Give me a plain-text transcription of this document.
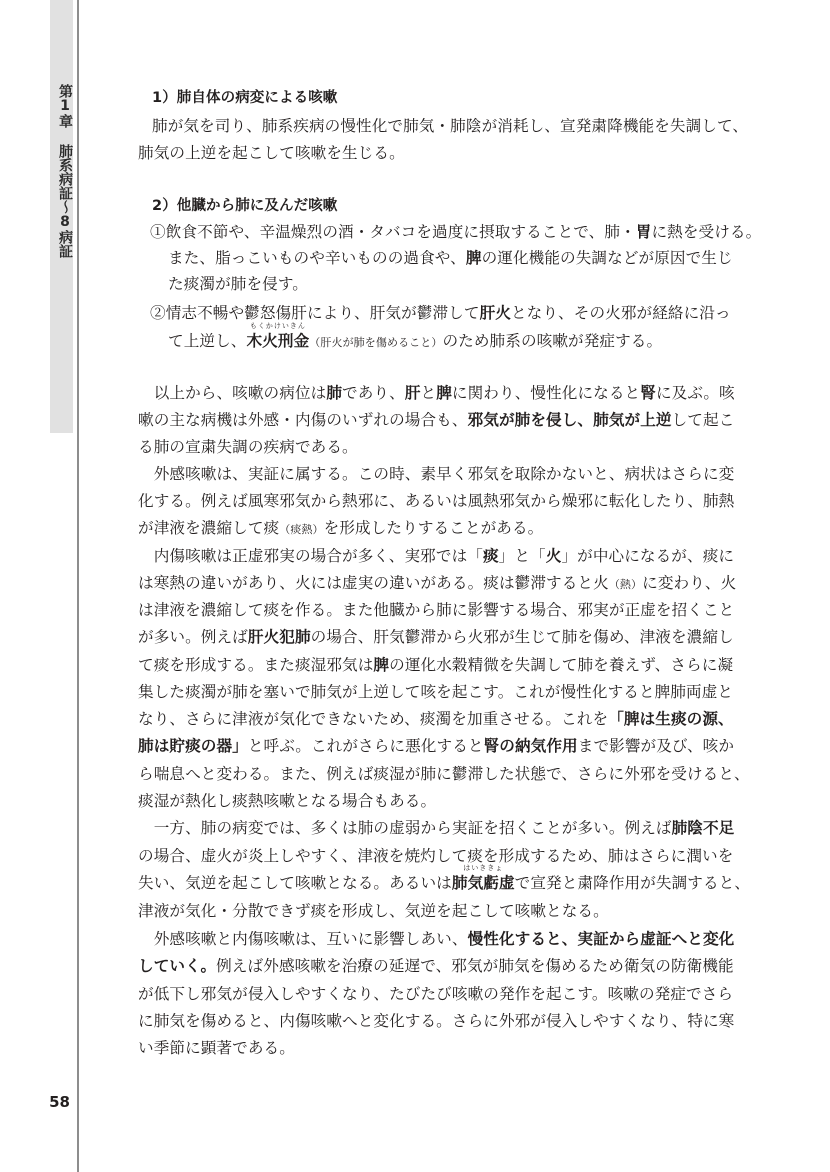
第1章 肺系病証〜8病証
58
1）肺自体の病変による咳嗽
肺が気を司り、肺系疾病の慢性化で肺気・肺陰が消耗し、宣発粛降機能を失調して、
肺気の上逆を起こして咳嗽を生じる。
2）他臓から肺に及んだ咳嗽
①飲食不節や、辛温燥烈の酒・タバコを過度に摂取することで、肺・胃に熱を受ける。
また、脂っこいものや辛いものの過食や、脾の運化機能の失調などが原因で生じ
た痰濁が肺を侵す。
②情志不暢や鬱怒傷肝により、肝気が鬱滞して肝火となり、その火邪が経絡に沿っ
て上逆し、
もくかけいきん
木火刑金（肝火が肺を傷めること）のため肺系の咳嗽が発症する。
　以上から、咳嗽の病位は肺であり、肝と脾に関わり、慢性化になると腎に及ぶ。咳
嗽の主な病機は外感・内傷のいずれの場合も、邪気が肺を侵し、肺気が上逆して起こ
る肺の宣粛失調の疾病である。
　外感咳嗽は、実証に属する。この時、素早く邪気を取除かないと、病状はさらに変
化する。例えば風寒邪気から熱邪に、あるいは風熱邪気から燥邪に転化したり、肺熱
が津液を濃縮して痰（痰熱）を形成したりすることがある。
　内傷咳嗽は正虚邪実の場合が多く、実邪では「痰」と「火」が中心になるが、痰に
は寒熱の違いがあり、火には虚実の違いがある。痰は鬱滞すると火（熱）に変わり、火
は津液を濃縮して痰を作る。また他臓から肺に影響する場合、邪実が正虚を招くこと
が多い。例えば肝火犯肺の場合、肝気鬱滞から火邪が生じて肺を傷め、津液を濃縮し
て痰を形成する。また痰湿邪気は脾の運化水穀精微を失調して肺を養えず、さらに凝
集した痰濁が肺を塞いで肺気が上逆して咳を起こす。これが慢性化すると脾肺両虚と
なり、さらに津液が気化できないため、痰濁を加重させる。これを「脾は生痰の源、
肺は貯痰の器」と呼ぶ。これがさらに悪化すると腎の納気作用まで影響が及び、咳か
ら喘息へと変わる。また、例えば痰湿が肺に鬱滞した状態で、さらに外邪を受けると、
痰湿が熱化し痰熱咳嗽となる場合もある。
　一方、肺の病変では、多くは肺の虚弱から実証を招くことが多い。例えば肺陰不足
の場合、虚火が炎上しやすく、津液を焼灼して痰を形成するため、肺はさらに潤いを
失い、気逆を起こして咳嗽となる。あるいは
はいききょ
肺気虧虚で宣発と粛降作用が失調すると、
津液が気化・分散できず痰を形成し、気逆を起こして咳嗽となる。
　外感咳嗽と内傷咳嗽は、互いに影響しあい、慢性化すると、実証から虚証へと変化
していく。例えば外感咳嗽を治療の延遅で、邪気が肺気を傷めるため衛気の防衛機能
が低下し邪気が侵入しやすくなり、たびたび咳嗽の発作を起こす。咳嗽の発症でさら
に肺気を傷めると、内傷咳嗽へと変化する。さらに外邪が侵入しやすくなり、特に寒
い季節に顕著である。
